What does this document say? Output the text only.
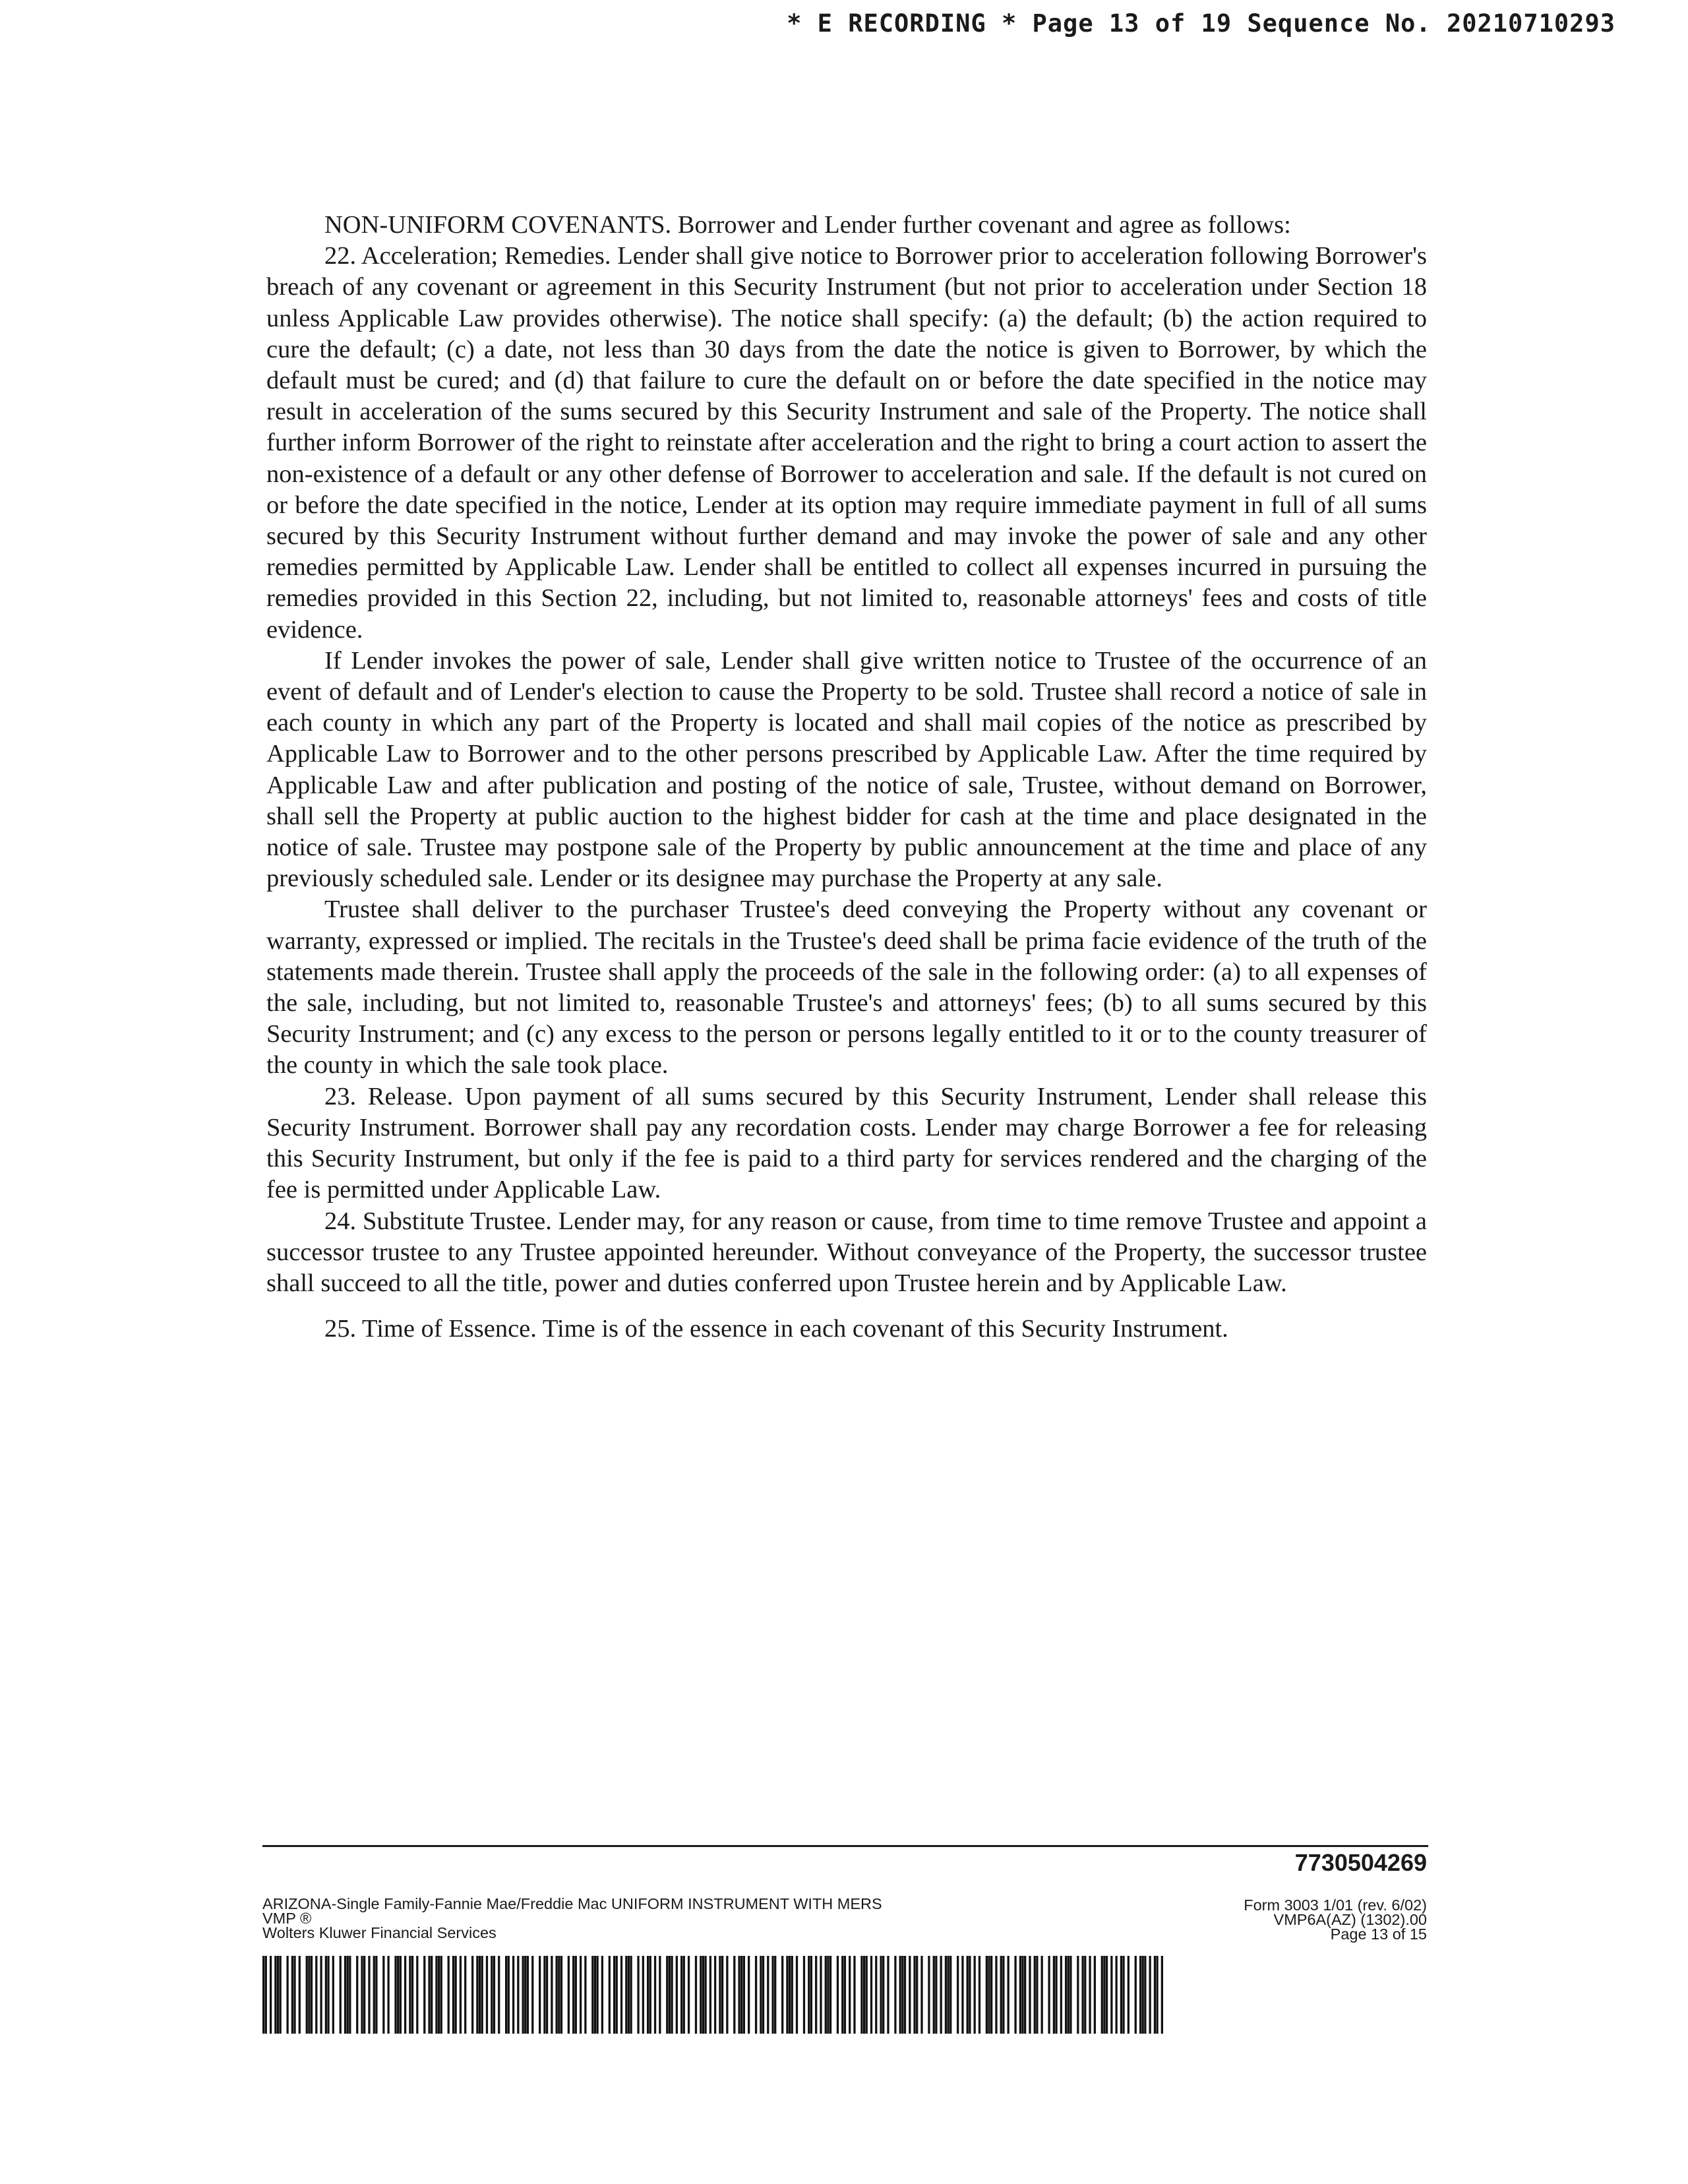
* E RECORDING * Page 13 of 19 Sequence No. 20210710293

NON-UNIFORM COVENANTS. Borrower and Lender further covenant and agree as follows:

22. Acceleration; Remedies. Lender shall give notice to Borrower prior to acceleration following Borrower's breach of any covenant or agreement in this Security Instrument (but not prior to acceleration under Section 18 unless Applicable Law provides otherwise). The notice shall specify: (a) the default; (b) the action required to cure the default; (c) a date, not less than 30 days from the date the notice is given to Borrower, by which the default must be cured; and (d) that failure to cure the default on or before the date specified in the notice may result in acceleration of the sums secured by this Security Instrument and sale of the Property. The notice shall further inform Borrower of the right to reinstate after acceleration and the right to bring a court action to assert the non-existence of a default or any other defense of Borrower to acceleration and sale. If the default is not cured on or before the date specified in the notice, Lender at its option may require immediate payment in full of all sums secured by this Security Instrument without further demand and may invoke the power of sale and any other remedies permitted by Applicable Law. Lender shall be entitled to collect all expenses incurred in pursuing the remedies provided in this Section 22, including, but not limited to, reasonable attorneys' fees and costs of title evidence.

If Lender invokes the power of sale, Lender shall give written notice to Trustee of the occurrence of an event of default and of Lender's election to cause the Property to be sold. Trustee shall record a notice of sale in each county in which any part of the Property is located and shall mail copies of the notice as prescribed by Applicable Law to Borrower and to the other persons prescribed by Applicable Law. After the time required by Applicable Law and after publication and posting of the notice of sale, Trustee, without demand on Borrower, shall sell the Property at public auction to the highest bidder for cash at the time and place designated in the notice of sale. Trustee may postpone sale of the Property by public announcement at the time and place of any previously scheduled sale. Lender or its designee may purchase the Property at any sale.

Trustee shall deliver to the purchaser Trustee's deed conveying the Property without any covenant or warranty, expressed or implied. The recitals in the Trustee's deed shall be prima facie evidence of the truth of the statements made therein. Trustee shall apply the proceeds of the sale in the following order: (a) to all expenses of the sale, including, but not limited to, reasonable Trustee's and attorneys' fees; (b) to all sums secured by this Security Instrument; and (c) any excess to the person or persons legally entitled to it or to the county treasurer of the county in which the sale took place.

23. Release. Upon payment of all sums secured by this Security Instrument, Lender shall release this Security Instrument. Borrower shall pay any recordation costs. Lender may charge Borrower a fee for releasing this Security Instrument, but only if the fee is paid to a third party for services rendered and the charging of the fee is permitted under Applicable Law.

24. Substitute Trustee. Lender may, for any reason or cause, from time to time remove Trustee and appoint a successor trustee to any Trustee appointed hereunder. Without conveyance of the Property, the successor trustee shall succeed to all the title, power and duties conferred upon Trustee herein and by Applicable Law.

25. Time of Essence. Time is of the essence in each covenant of this Security Instrument.

7730504269
ARIZONA-Single Family-Fannie Mae/Freddie Mac UNIFORM INSTRUMENT WITH MERS
VMP ®
Wolters Kluwer Financial Services
Form 3003 1/01 (rev. 6/02)
VMP6A(AZ) (1302).00
Page 13 of 15
